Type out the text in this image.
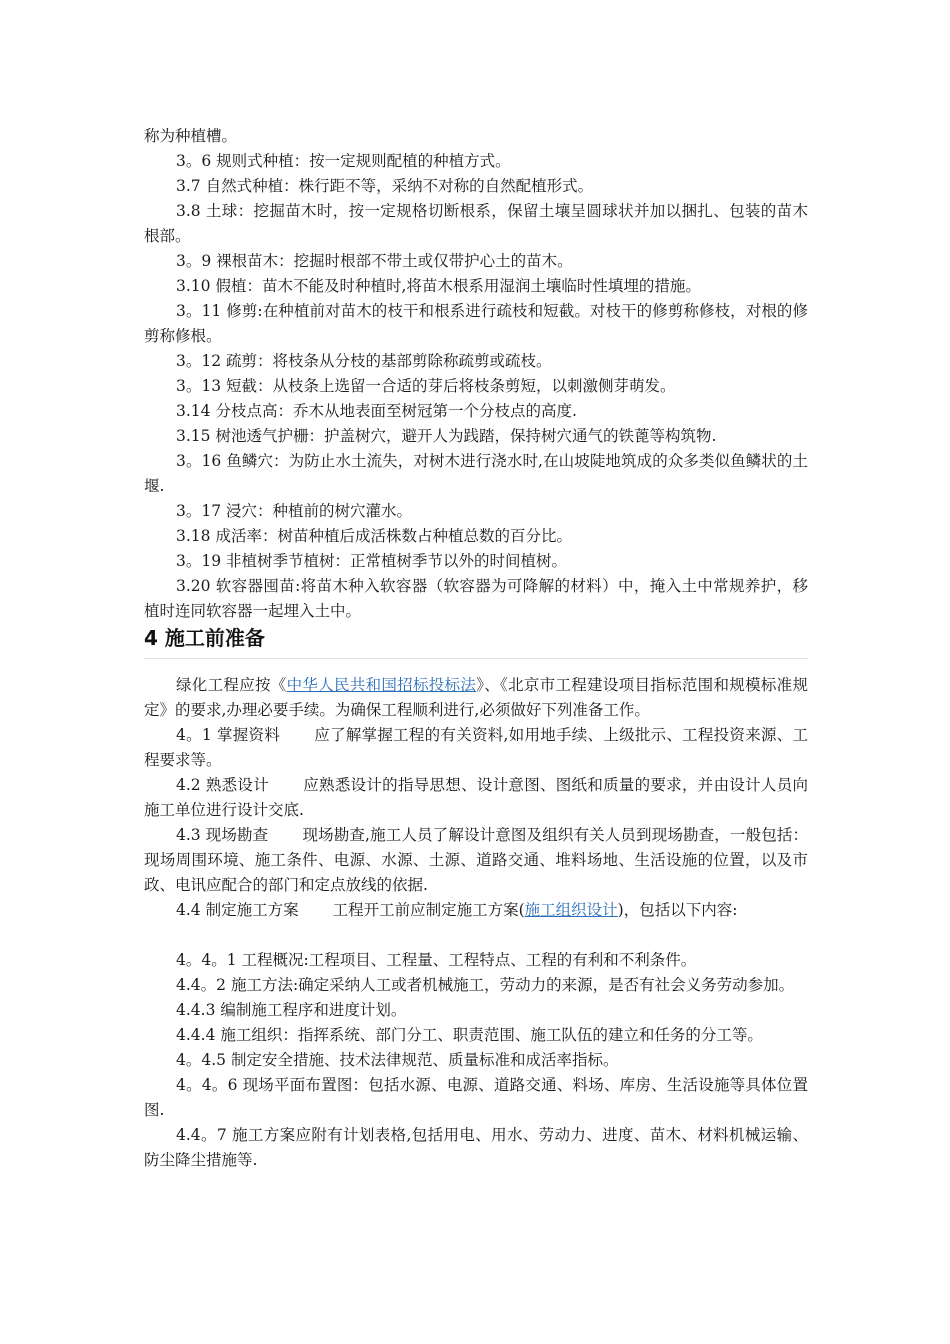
称为种植槽。

3。6 规则式种植：按一定规则配植的种植方式。

3.7 自然式种植：株行距不等，采纳不对称的自然配植形式。

3.8 土球：挖掘苗木时，按一定规格切断根系，保留土壤呈圆球状并加以捆扎、包装的苗木根部。

3。9 裸根苗木：挖掘时根部不带土或仅带护心土的苗木。

3.10 假植：苗木不能及时种植时,将苗木根系用湿润土壤临时性填埋的措施。

3。11 修剪:在种植前对苗木的枝干和根系进行疏枝和短截。对枝干的修剪称修枝，对根的修剪称修根。

3。12 疏剪：将枝条从分枝的基部剪除称疏剪或疏枝。

3。13 短截：从枝条上选留一合适的芽后将枝条剪短，以刺激侧芽萌发。

3.14 分枝点高：乔木从地表面至树冠第一个分枝点的高度.

3.15 树池透气护栅：护盖树穴，避开人为践踏，保持树穴通气的铁蓖等构筑物.

3。16 鱼鳞穴：为防止水土流失，对树木进行浇水时,在山坡陡地筑成的众多类似鱼鳞状的土堰.

3。17 浸穴：种植前的树穴灌水。

3.18 成活率：树苗种植后成活株数占种植总数的百分比。

3。19 非植树季节植树：正常植树季节以外的时间植树。

3.20 软容器囤苗:将苗木种入软容器（软容器为可降解的材料）中，掩入土中常规养护，移植时连同软容器一起埋入土中。

4 施工前准备

绿化工程应按《中华人民共和国招标投标法》、《北京市工程建设项目指标范围和规模标准规定》的要求,办理必要手续。为确保工程顺利进行,必须做好下列准备工作。

4。1 掌握资料 应了解掌握工程的有关资料,如用地手续、上级批示、工程投资来源、工程要求等。

4.2 熟悉设计 应熟悉设计的指导思想、设计意图、图纸和质量的要求，并由设计人员向施工单位进行设计交底.

4.3 现场勘查 现场勘查,施工人员了解设计意图及组织有关人员到现场勘查，一般包括：现场周围环境、施工条件、电源、水源、土源、道路交通、堆料场地、生活设施的位置，以及市政、电讯应配合的部门和定点放线的依据.

4.4 制定施工方案 工程开工前应制定施工方案(施工组织设计)，包括以下内容:

4。4。1 工程概况:工程项目、工程量、工程特点、工程的有利和不利条件。

4.4。2 施工方法:确定采纳人工或者机械施工，劳动力的来源，是否有社会义务劳动参加。

4.4.3 编制施工程序和进度计划。

4.4.4 施工组织：指挥系统、部门分工、职责范围、施工队伍的建立和任务的分工等。

4。4.5 制定安全措施、技术法律规范、质量标准和成活率指标。

4。4。6 现场平面布置图：包括水源、电源、道路交通、料场、库房、生活设施等具体位置图.

4.4。7 施工方案应附有计划表格,包括用电、用水、劳动力、进度、苗木、材料机械运输、防尘降尘措施等.
